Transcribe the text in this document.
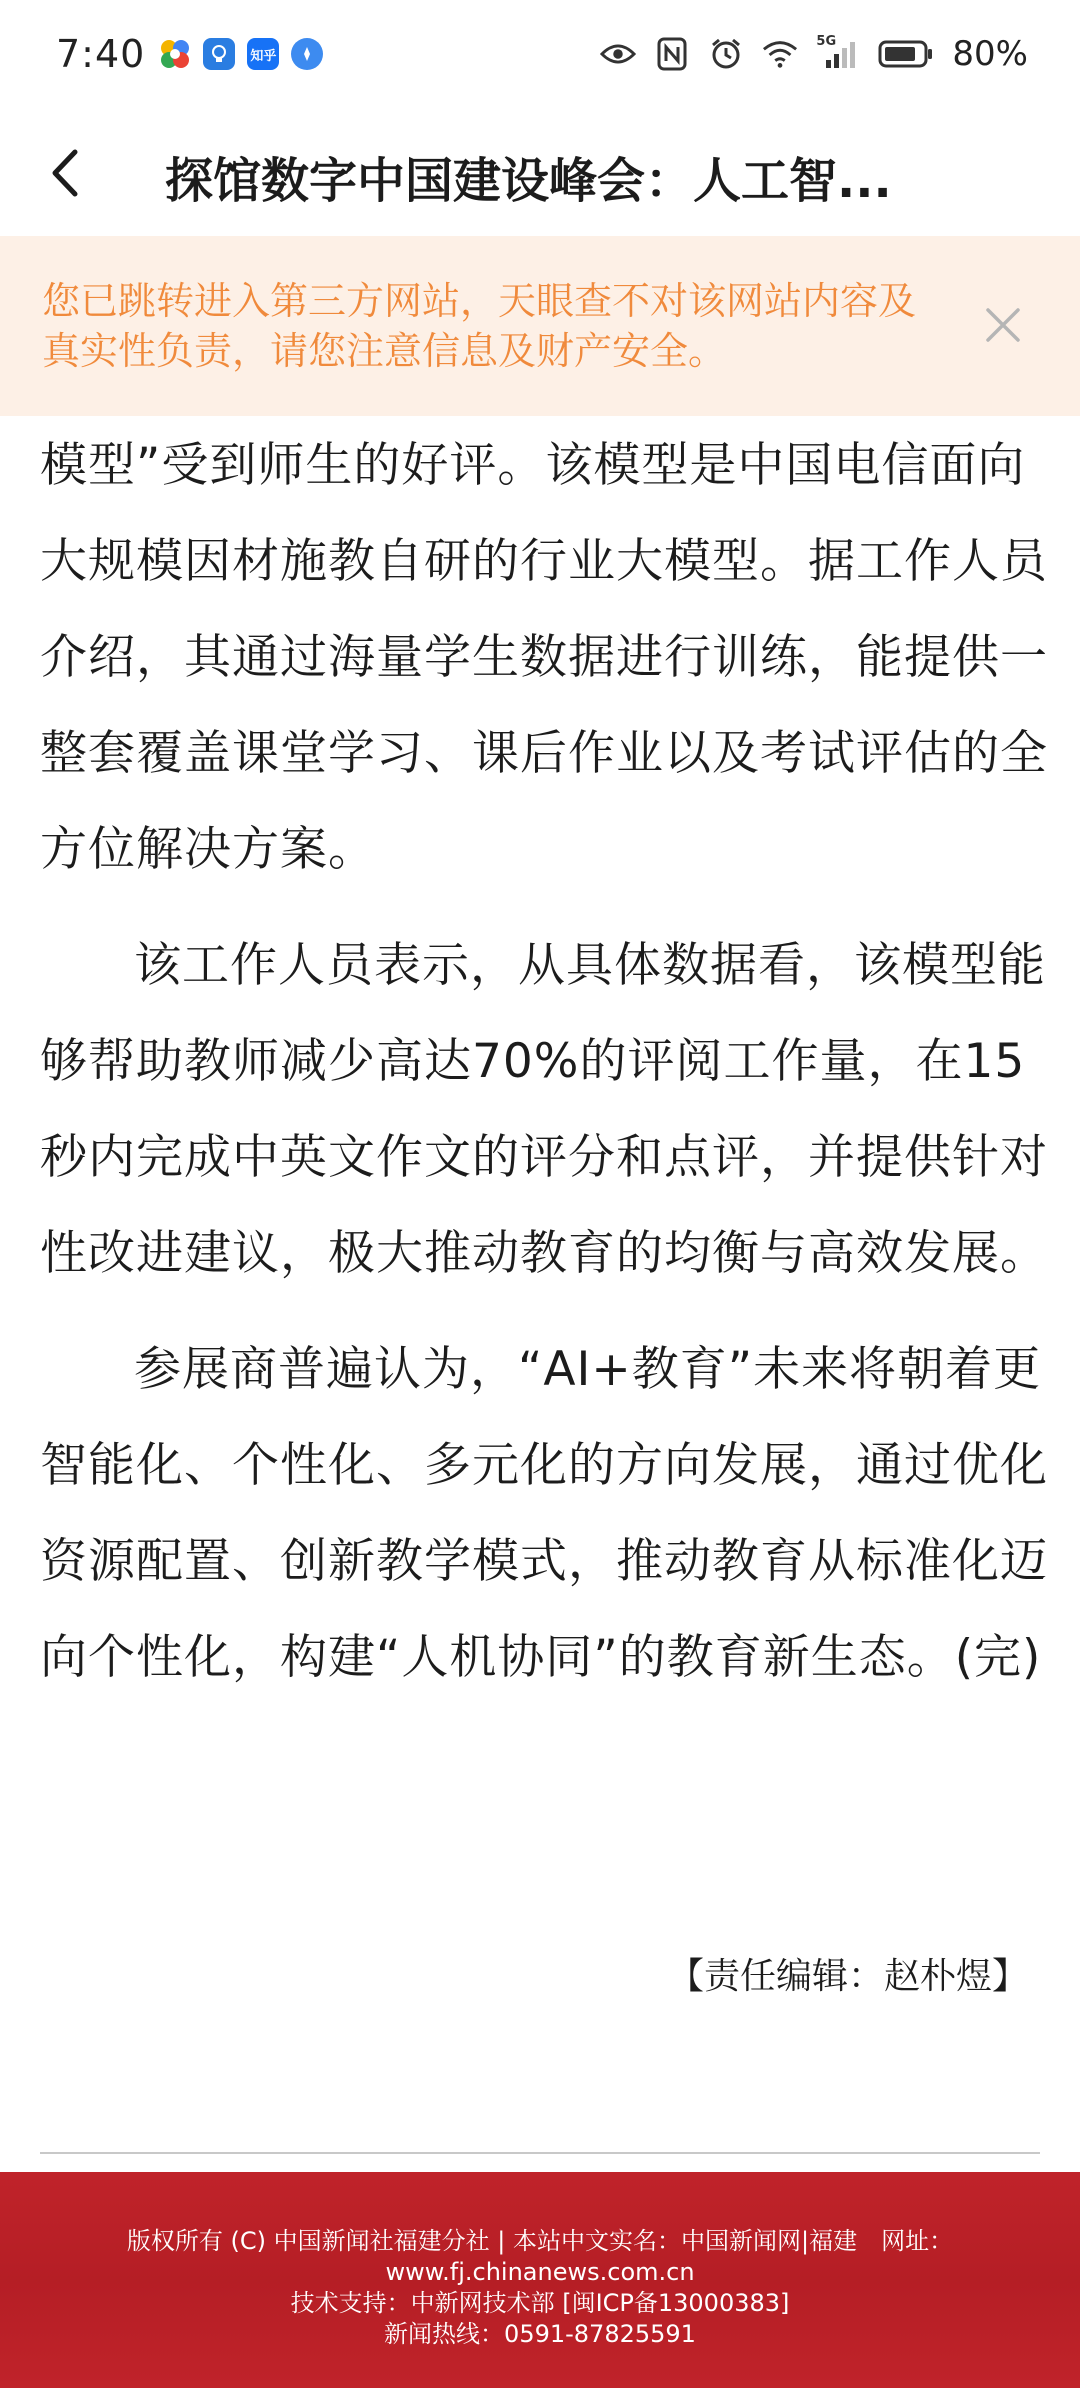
7:40	知乎
5G	80%
探馆数字中国建设峰会：人工智...
您已跳转进入第三方网站，天眼查不对该网站内容及真实性负责，请您注意信息及财产安全。

模型”受到师生的好评。该模型是中国电信面向大规模因材施教自研的行业大模型。据工作人员介绍，其通过海量学生数据进行训练，能提供一整套覆盖课堂学习、课后作业以及考试评估的全方位解决方案。

该工作人员表示，从具体数据看，该模型能够帮助教师减少高达70%的评阅工作量，在15秒内完成中英文作文的评分和点评，并提供针对性改进建议，极大推动教育的均衡与高效发展。

参展商普遍认为，“AI+教育”未来将朝着更智能化、个性化、多元化的方向发展，通过优化资源配置、创新教学模式，推动教育从标准化迈向个性化，构建“人机协同”的教育新生态。(完)

【责任编辑：赵朴煜】
版权所有 (C) 中国新闻社福建分社 | 本站中文实名：中国新闻网|福建　网址：
www.fj.chinanews.com.cn
技术支持：中新网技术部 [闽ICP备13000383]
新闻热线：0591-87825591
